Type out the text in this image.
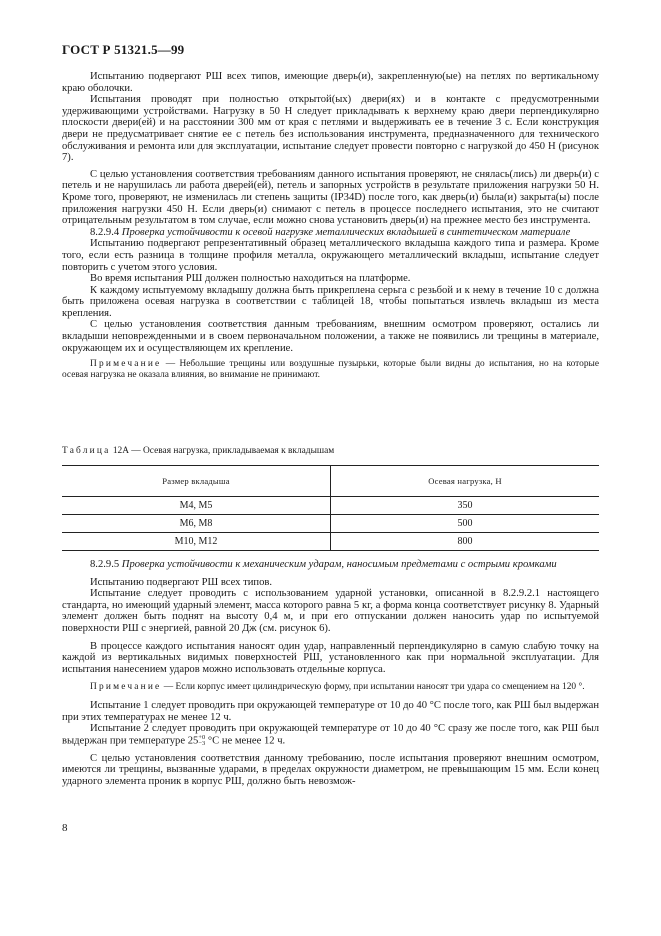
ГОСТ Р 51321.5—99

Испытанию подвергают РШ всех типов, имеющие дверь(и), закрепленную(ые) на петлях по вертикальному краю оболочки.

Испытания проводят при полностью открытой(ых) двери(ях) и в контакте с предусмотренными удерживающими устройствами. Нагрузку в 50 Н следует прикладывать к верхнему краю двери перпендикулярно плоскости двери(ей) и на расстоянии 300 мм от края с петлями и выдерживать ее в течение 3 с. Если конструкция двери не предусматривает снятие ее с петель без использования инструмента, предназначенного для технического обслуживания и ремонта или для эксплуатации, испытание следует провести повторно с нагрузкой до 450 Н (рисунок 7).

С целью установления соответствия требованиям данного испытания проверяют, не снялась(лись) ли дверь(и) с петель и не нарушилась ли работа дверей(ей), петель и запорных устройств в результате приложения нагрузки 50 Н. Кроме того, проверяют, не изменилась ли степень защиты (IP34D) после того, как дверь(и) была(и) закрыта(ы) после приложения нагрузки 450 Н. Если дверь(и) снимают с петель в процессе последнего испытания, это не считают отрицательным результатом в том случае, если можно снова установить дверь(и) на прежнее место без инструмента.

8.2.9.4 Проверка устойчивости к осевой нагрузке металлических вкладышей в синтетическом материале

Испытанию подвергают репрезентативный образец металлического вкладыша каждого типа и размера. Кроме того, если есть разница в толщине профиля металла, окружающего металлический вкладыш, испытание следует повторить с учетом этого условия.

Во время испытания РШ должен полностью находиться на платформе.

К каждому испытуемому вкладышу должна быть прикреплена серьга с резьбой и к нему в течение 10 с должна быть приложена осевая нагрузка в соответствии с таблицей 18, чтобы попытаться извлечь вкладыш из места крепления.

С целью установления соответствия данным требованиям, внешним осмотром проверяют, остались ли вкладыши неповрежденными и в своем первоначальном положении, а также не появились ли трещины в материале, окружающем их и осуществляющем их крепление.

Примечание — Небольшие трещины или воздушные пузырьки, которые были видны до испытания, но на которые осевая нагрузка не оказала влияния, во внимание не принимают.

Таблица 12А — Осевая нагрузка, прикладываемая к вкладышам
Размер вкладыша	Осевая нагрузка, Н
М4, М5	350
М6, М8	500
М10, М12	800

8.2.9.5 Проверка устойчивости к механическим ударам, наносимым предметами с острыми кромками

Испытанию подвергают РШ всех типов.

Испытание следует проводить с использованием ударной установки, описанной в 8.2.9.2.1 настоящего стандарта, но имеющий ударный элемент, масса которого равна 5 кг, а форма конца соответствует рисунку 8. Ударный элемент должен быть поднят на высоту 0,4 м, и при его отпускании должен наносить удар по испытуемой поверхности РШ с энергией, равной 20 Дж (см. рисунок 6).

В процессе каждого испытания наносят один удар, направленный перпендикулярно в самую слабую точку на каждой из вертикальных видимых поверхностей РШ, установленного как при нормальной эксплуатации. Для испытания нанесением ударов можно использовать отдельные корпуса.

Примечание — Если корпус имеет цилиндрическую форму, при испытании наносят три удара со смещением на 120 °.

Испытание 1 следует проводить при окружающей температуре от 10 до 40 °С после того, как РШ был выдержан при этих температурах не менее 12 ч.

Испытание 2 следует проводить при окружающей температуре от 10 до 40 °С сразу же после того, как РШ был выдержан при температуре 25 +0
−3 °С не менее 12 ч.

С целью установления соответствия данному требованию, после испытания проверяют внешним осмотром, имеются ли трещины, вызванные ударами, в пределах окружности диаметром, не превышающим 15 мм. Если конец ударного элемента проник в корпус РШ, должно быть невозмож-

8
